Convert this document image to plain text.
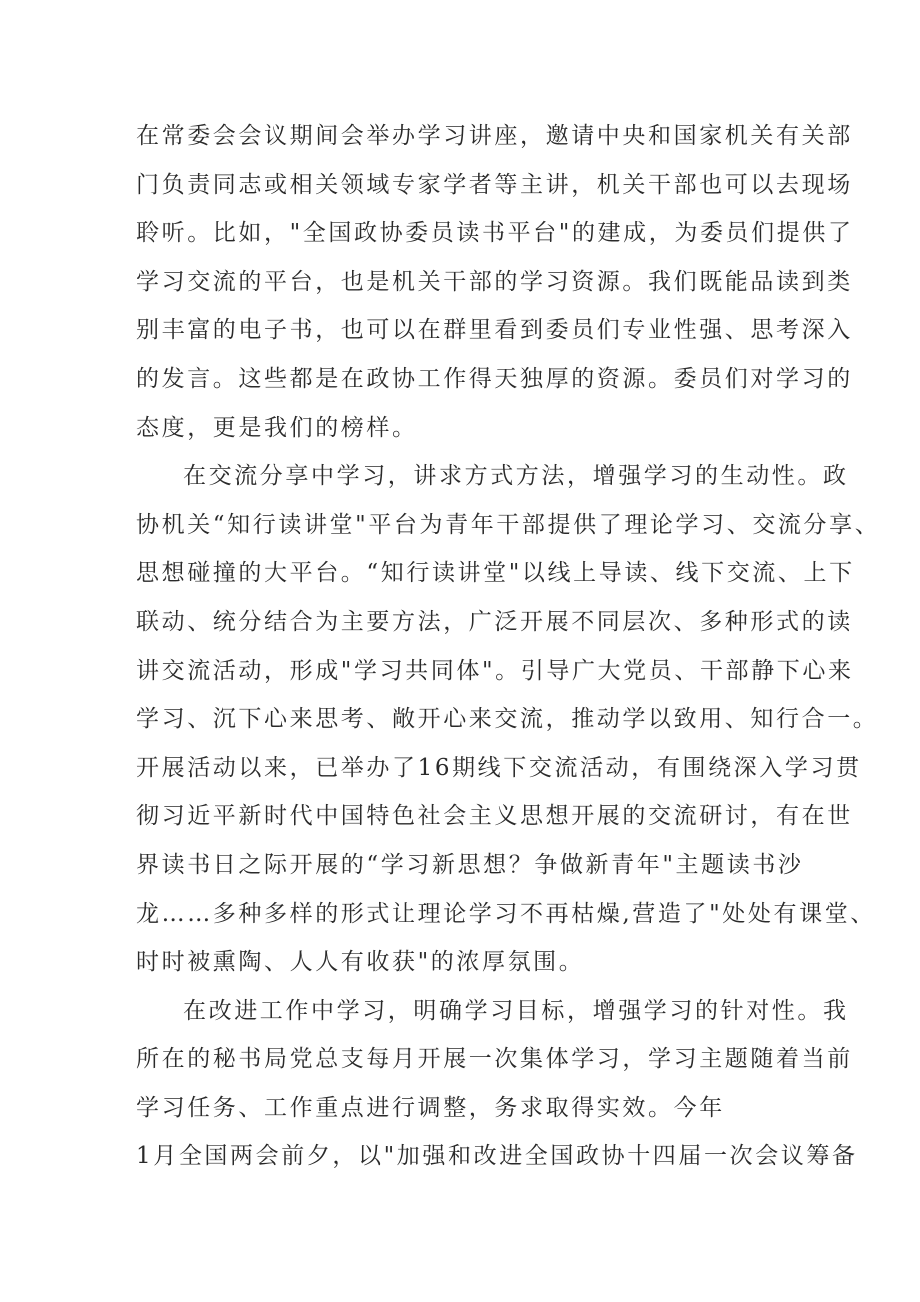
在常委会会议期间会举办学习讲座，邀请中央和国家机关有关部
门负责同志或相关领域专家学者等主讲，机关干部也可以去现场
聆听。比如，"全国政协委员读书平台"的建成，为委员们提供了
学习交流的平台，也是机关干部的学习资源。我们既能品读到类
别丰富的电子书，也可以在群里看到委员们专业性强、思考深入
的发言。这些都是在政协工作得天独厚的资源。委员们对学习的
态度，更是我们的榜样。
在交流分享中学习，讲求方式方法，增强学习的生动性。政
协机关“知行读讲堂"平台为青年干部提供了理论学习、交流分享、
思想碰撞的大平台。“知行读讲堂"以线上导读、线下交流、上下
联动、统分结合为主要方法，广泛开展不同层次、多种形式的读
讲交流活动，形成"学习共同体"。引导广大党员、干部静下心来
学习、沉下心来思考、敞开心来交流，推动学以致用、知行合一。
开展活动以来，已举办了16期线下交流活动，有围绕深入学习贯
彻习近平新时代中国特色社会主义思想开展的交流研讨，有在世
界读书日之际开展的“学习新思想？争做新青年"主题读书沙
龙……多种多样的形式让理论学习不再枯燥,营造了"处处有课堂、
时时被熏陶、人人有收获"的浓厚氛围。
在改进工作中学习，明确学习目标，增强学习的针对性。我
所在的秘书局党总支每月开展一次集体学习，学习主题随着当前
学习任务、工作重点进行调整，务求取得实效。今年
1月全国两会前夕，以"加强和改进全国政协十四届一次会议筹备
